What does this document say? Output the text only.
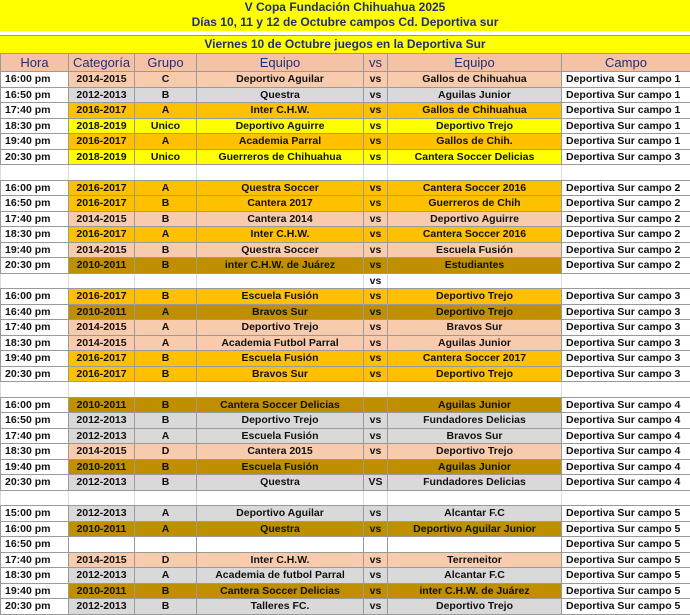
V Copa Fundación Chihuahua 2025
Días 10, 11 y 12 de Octubre campos Cd. Deportiva sur
Viernes 10 de Octubre juegos en la Deportiva Sur
Hora	Categoría	Grupo	Equipo	vs	Equipo	Campo
16:00 pm	2014-2015	C	Deportivo Aguilar	vs	Gallos de Chihuahua	Deportiva Sur campo 1
16:50 pm	2012-2013	B	Questra	vs	Aguilas Junior	Deportiva Sur campo 1
17:40 pm	2016-2017	A	Inter C.H.W.	vs	Gallos de Chihuahua	Deportiva Sur campo 1
18:30 pm	2018-2019	Unico	Deportivo Aguirre	vs	Deportivo Trejo	Deportiva Sur campo 1
19:40 pm	2016-2017	A	Academia Parral	vs	Gallos de Chih.	Deportiva Sur campo 1
20:30 pm	2018-2019	Unico	Guerreros de Chihuahua	vs	Cantera Soccer Delicias	Deportiva Sur campo 3

16:00 pm	2016-2017	A	Questra Soccer	vs	Cantera Soccer 2016	Deportiva Sur campo 2
16:50 pm	2016-2017	B	Cantera 2017	vs	Guerreros de Chih	Deportiva Sur campo 2
17:40 pm	2014-2015	B	Cantera 2014	vs	Deportivo Aguirre	Deportiva Sur campo 2
18:30 pm	2016-2017	A	Inter C.H.W.	vs	Cantera Soccer 2016	Deportiva Sur campo 2
19:40 pm	2014-2015	B	Questra Soccer	vs	Escuela Fusión	Deportiva Sur campo 2
20:30 pm	2010-2011	B	inter C.H.W. de Juárez	vs	Estudiantes	Deportiva Sur campo 2
				vs		
16:00 pm	2016-2017	B	Escuela Fusión	vs	Deportivo Trejo	Deportiva Sur campo 3
16:40 pm	2010-2011	A	Bravos Sur	vs	Deportivo Trejo	Deportiva Sur campo 3
17:40 pm	2014-2015	A	Deportivo Trejo	vs	Bravos Sur	Deportiva Sur campo 3
18:30 pm	2014-2015	A	Academia Futbol Parral	vs	Aguilas Junior	Deportiva Sur campo 3
19:40 pm	2016-2017	B	Escuela Fusión	vs	Cantera Soccer 2017	Deportiva Sur campo 3
20:30 pm	2016-2017	B	Bravos Sur	vs	Deportivo Trejo	Deportiva Sur campo 3

16:00 pm	2010-2011	B	Cantera Soccer Delicias		Aguilas Junior	Deportiva Sur campo 4
16:50 pm	2012-2013	B	Deportivo Trejo	vs	Fundadores Delicias	Deportiva Sur campo 4
17:40 pm	2012-2013	A	Escuela Fusión	vs	Bravos Sur	Deportiva Sur campo 4
18:30 pm	2014-2015	D	Cantera 2015	vs	Deportivo Trejo	Deportiva Sur campo 4
19:40 pm	2010-2011	B	Escuela Fusión		Aguilas Junior	Deportiva Sur campo 4
20:30 pm	2012-2013	B	Questra	VS	Fundadores Delicias	Deportiva Sur campo 4

15:00 pm	2012-2013	A	Deportivo Aguilar	vs	Alcantar F.C	Deportiva Sur campo 5
16:00 pm	2010-2011	A	Questra	vs	Deportivo Aguilar Junior	Deportiva Sur campo 5
16:50 pm						Deportiva Sur campo 5
17:40 pm	2014-2015	D	Inter C.H.W.	vs	Terreneitor	Deportiva Sur campo 5
18:30 pm	2012-2013	A	Academia de futbol Parral	vs	Alcantar F.C	Deportiva Sur campo 5
19:40 pm	2010-2011	B	Cantera Soccer Delicias	vs	inter C.H.W. de Juárez	Deportiva Sur campo 5
20:30 pm	2012-2013	B	Talleres FC.	vs	Deportivo Trejo	Deportiva Sur campo 5
